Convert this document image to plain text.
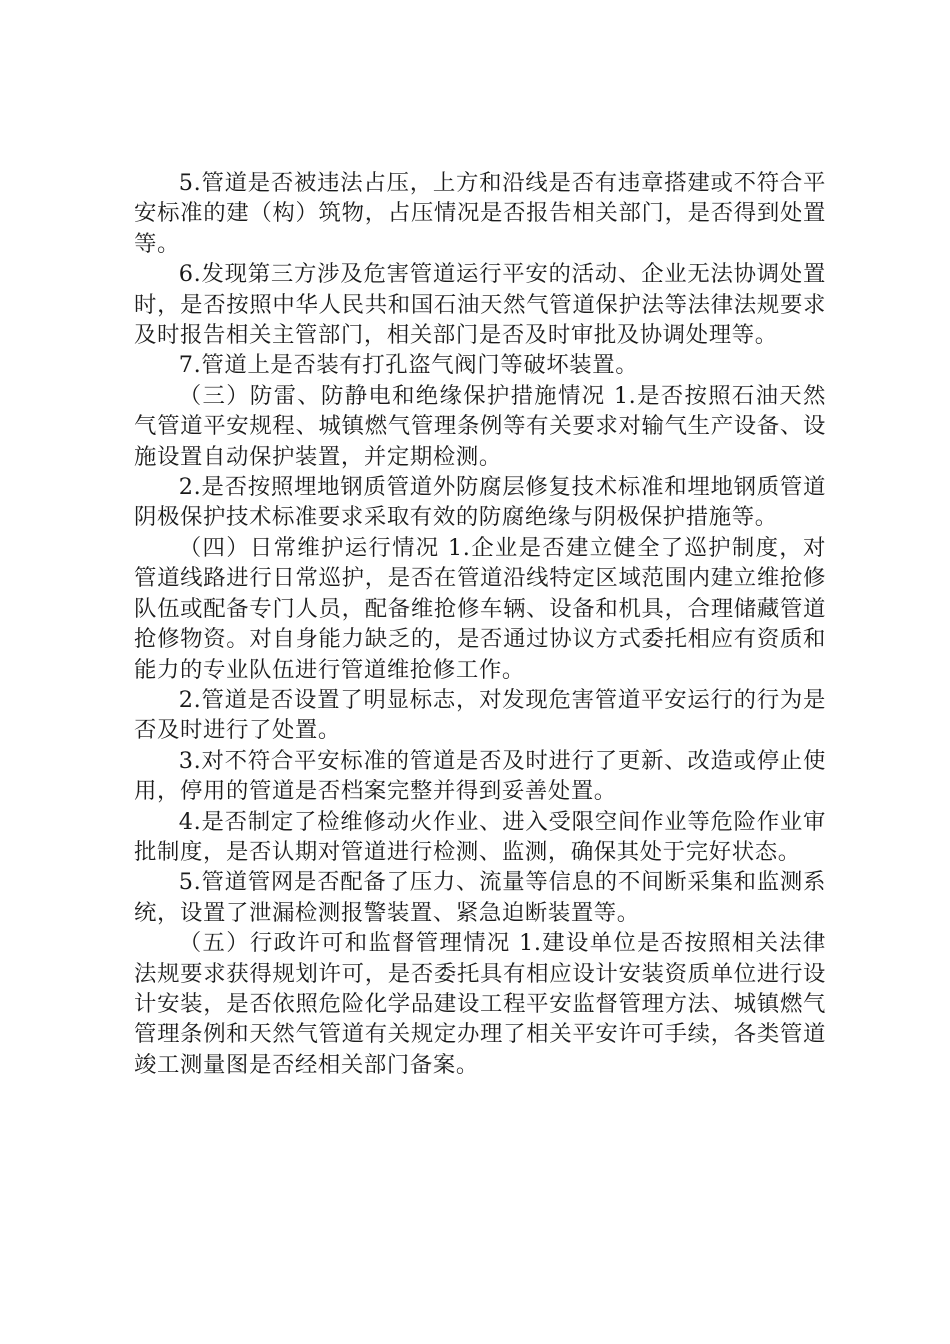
5.管道是否被违法占压，上方和沿线是否有违章搭建或不符合平安标准的建（构）筑物，占压情况是否报告相关部门，是否得到处置等。

6.发现第三方涉及危害管道运行平安的活动、企业无法协调处置时，是否按照中华人民共和国石油天然气管道保护法等法律法规要求及时报告相关主管部门，相关部门是否及时审批及协调处理等。

7.管道上是否装有打孔盗气阀门等破坏装置。

（三）防雷、防静电和绝缘保护措施情况 1.是否按照石油天然气管道平安规程、城镇燃气管理条例等有关要求对输气生产设备、设施设置自动保护装置，并定期检测。

2.是否按照埋地钢质管道外防腐层修复技术标准和埋地钢质管道阴极保护技术标准要求采取有效的防腐绝缘与阴极保护措施等。

（四）日常维护运行情况 1.企业是否建立健全了巡护制度，对管道线路进行日常巡护，是否在管道沿线特定区域范围内建立维抢修队伍或配备专门人员，配备维抢修车辆、设备和机具，合理储藏管道抢修物资。对自身能力缺乏的，是否通过协议方式委托相应有资质和能力的专业队伍进行管道维抢修工作。

2.管道是否设置了明显标志，对发现危害管道平安运行的行为是否及时进行了处置。

3.对不符合平安标准的管道是否及时进行了更新、改造或停止使用，停用的管道是否档案完整并得到妥善处置。

4.是否制定了检维修动火作业、进入受限空间作业等危险作业审批制度，是否认期对管道进行检测、监测，确保其处于完好状态。

5.管道管网是否配备了压力、流量等信息的不间断采集和监测系统，设置了泄漏检测报警装置、紧急迫断装置等。

（五）行政许可和监督管理情况 1.建设单位是否按照相关法律法规要求获得规划许可，是否委托具有相应设计安装资质单位进行设计安装，是否依照危险化学品建设工程平安监督管理方法、城镇燃气管理条例和天然气管道有关规定办理了相关平安许可手续，各类管道竣工测量图是否经相关部门备案。
